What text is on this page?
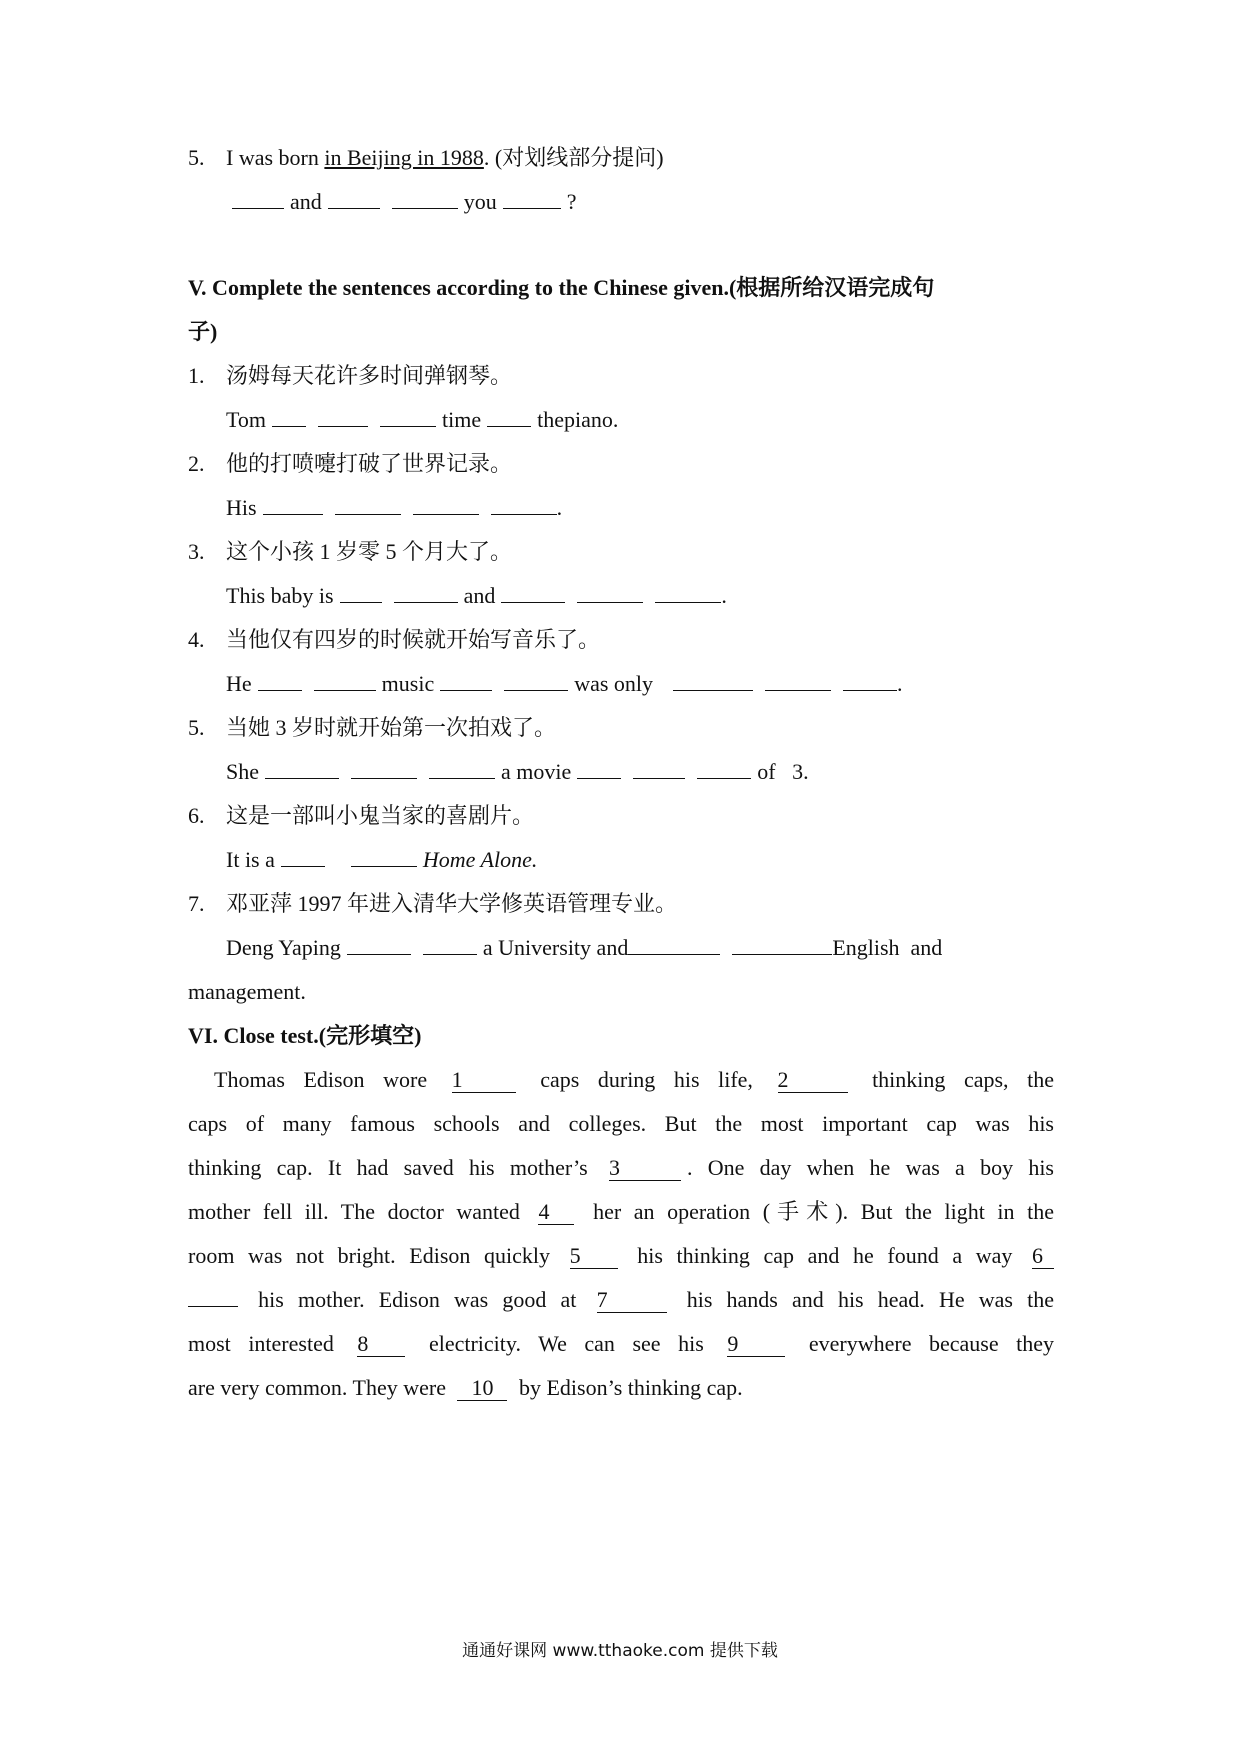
5. I was born in Beijing in 1988. (对划线部分提问)
and	you	?
V. Complete the sentences according to the Chinese given.(根据所给汉语完成句
子)
1. 汤姆每天花许多时间弹钢琴。
Tom	time	thepiano.
2. 他的打喷嚏打破了世界记录。
His	.
3. 这个小孩 1 岁零 5 个月大了。
This baby is	and	.
4. 当他仅有四岁的时候就开始写音乐了。
He	music	was only	.
5. 当她 3 岁时就开始第一次拍戏了。
She	a movie	of 3.
6. 这是一部叫小鬼当家的喜剧片。
It is a	Home Alone.
7. 邓亚萍 1997 年进入清华大学修英语管理专业。
Deng Yaping	a University and	English and
management.
VI. Close test.(完形填空)
Thomas Edison wore 1	caps during his life, 2	thinking caps, the
caps of many famous schools and colleges. But the most important cap was his
thinking cap. It had saved his mother’s 3	. One day when he was a boy his
mother fell ill. The doctor wanted 4 her an operation (手术). But the light in the
room was not bright. Edison quickly 5	his thinking cap and he found a way 6
his mother. Edison was good at 7	his hands and his head. He was the
most interested 8	electricity. We can see his 9	everywhere because they
are very common. They were 10 by Edison’s thinking cap.
通通好课网 www.tthaoke.com 提供下载
